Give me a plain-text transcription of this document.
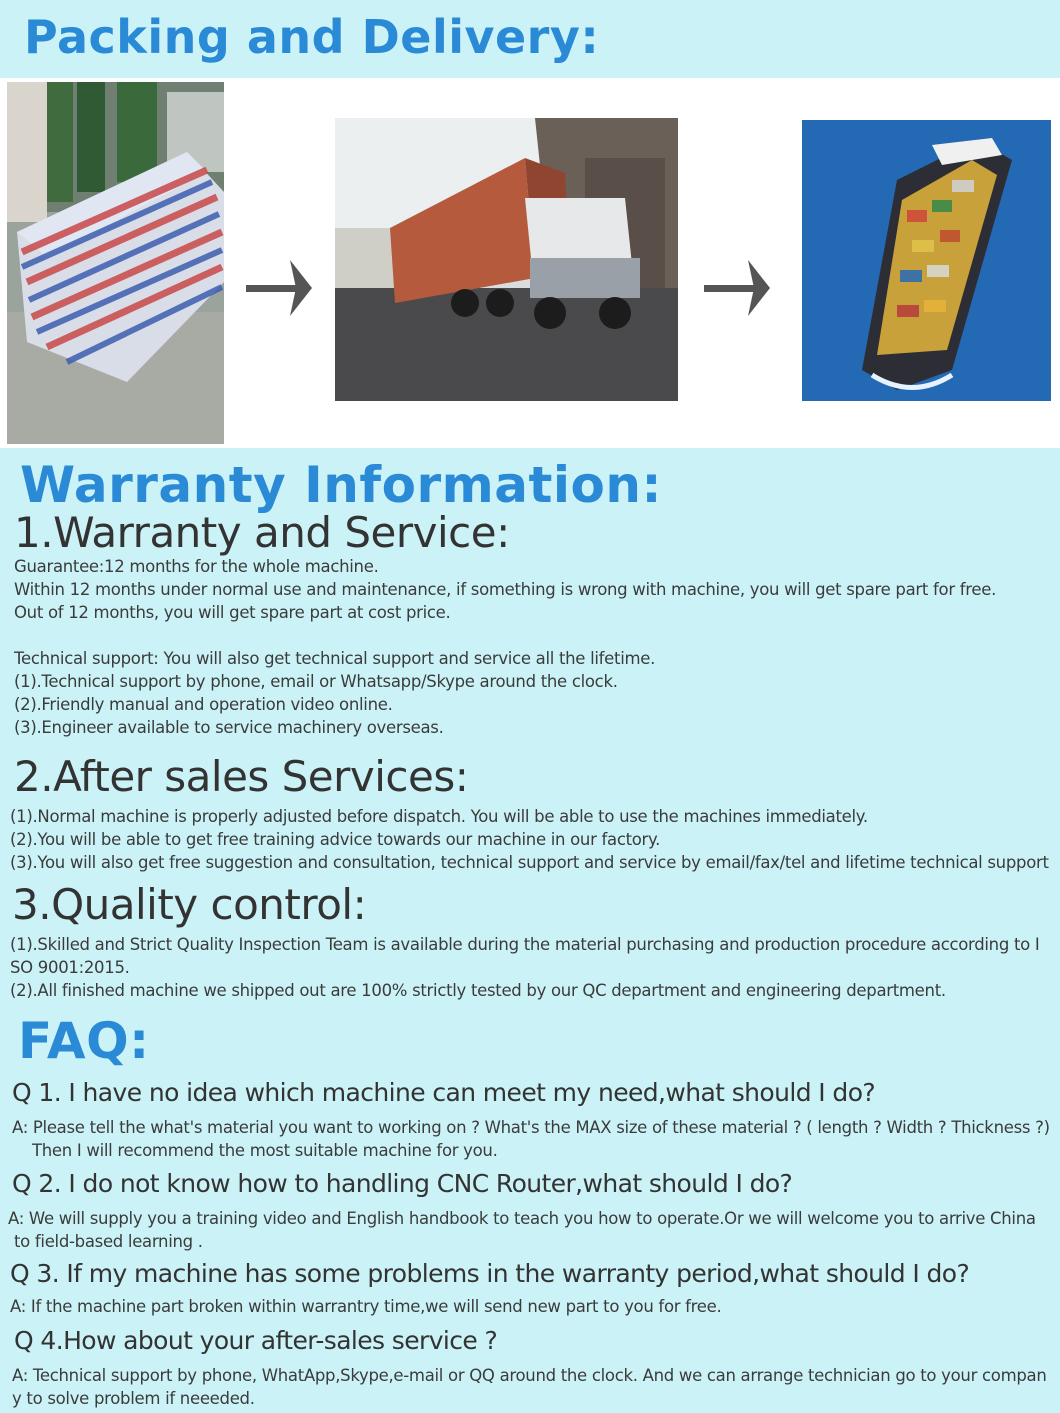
Packing and Delivery:
Warranty Information:
1.Warranty and Service:
Guarantee:12 months for the whole machine.
Within 12 months under normal use and maintenance, if something is wrong with machine, you will get spare part for free.
Out of 12 months, you will get spare part at cost price.
Technical support: You will also get technical support and service all the lifetime.
(1).Technical support by phone, email or Whatsapp/Skype around the clock.
(2).Friendly manual and operation video online.
(3).Engineer available to service machinery overseas.
2.After sales Services:
(1).Normal machine is properly adjusted before dispatch. You will be able to use the machines immediately.
(2).You will be able to get free training advice towards our machine in our factory.
(3).You will also get free suggestion and consultation, technical support and service by email/fax/tel and lifetime technical support
3.Quality control:
(1).Skilled and Strict Quality Inspection Team is available during the material purchasing and production procedure according to I
SO 9001:2015.
(2).All finished machine we shipped out are 100% strictly tested by our QC department and engineering department.
FAQ:
Q 1. I have no idea which machine can meet my need,what should I do?
A: Please tell the what's material you want to working on ? What's the MAX size of these material ? ( length ? Width ? Thickness ?)
Then I will recommend the most suitable machine for you.
Q 2. I do not know how to handling CNC Router,what should I do?
A: We will supply you a training video and English handbook to teach you how to operate.Or we will welcome you to arrive China
to field-based learning .
Q 3. If my machine has some problems in the warranty period,what should I do?
A: If the machine part broken within warrantry time,we will send new part to you for free.
Q 4.How about your after-sales service ?
A: Technical support by phone, WhatApp,Skype,e-mail or QQ around the clock. And we can arrange technician go to your compan
y to solve problem if neeeded.
